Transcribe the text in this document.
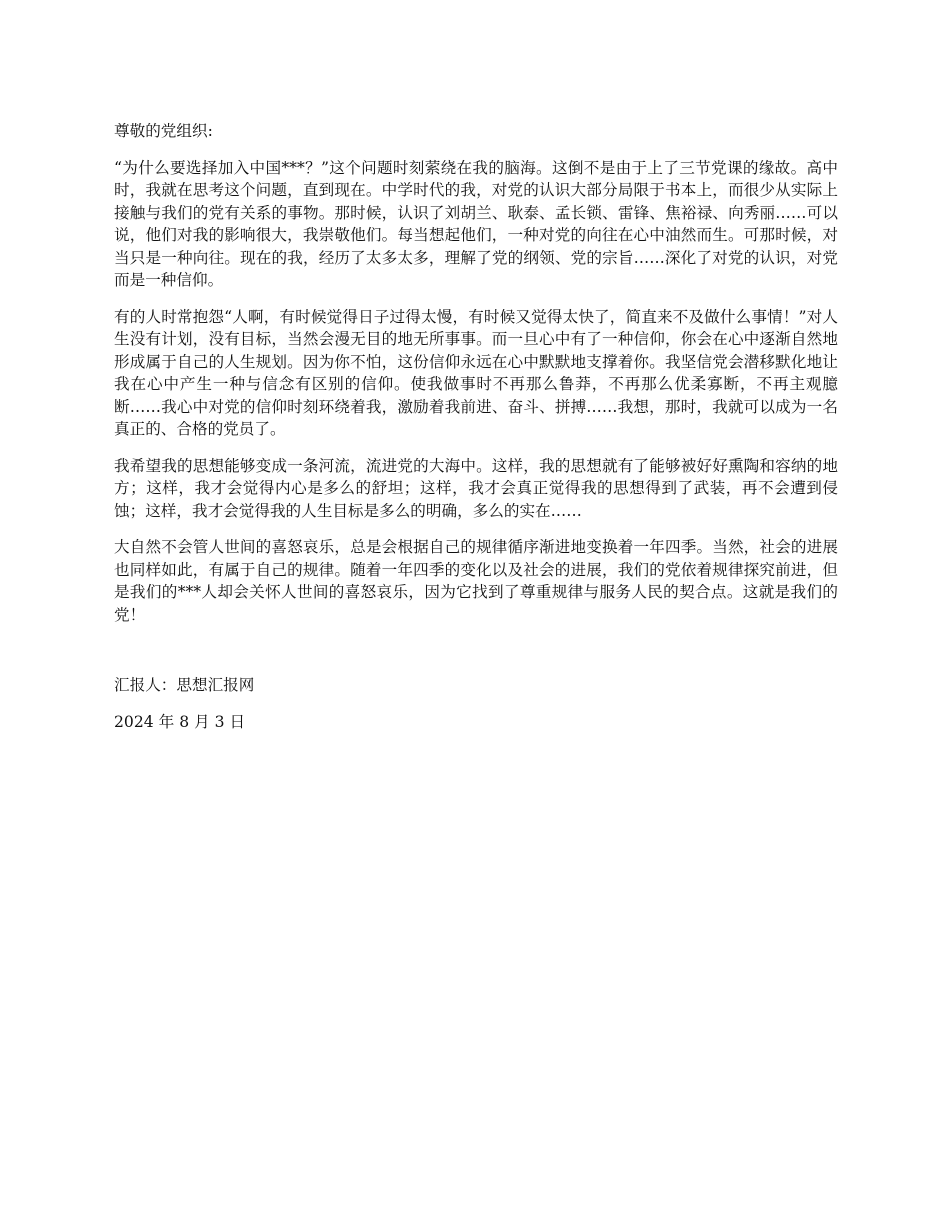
尊敬的党组织:

“为什么要选择加入中国***？”这个问题时刻萦绕在我的脑海。这倒不是由于上了三节党课的缘故。高中时，我就在思考这个问题，直到现在。中学时代的我，对党的认识大部分局限于书本上，而很少从实际上接触与我们的党有关系的事物。那时候，认识了刘胡兰、耿泰、孟长锁、雷锋、焦裕禄、向秀丽……可以说，他们对我的影响很大，我崇敬他们。每当想起他们，一种对党的向往在心中油然而生。可那时候，对当只是一种向往。现在的我，经历了太多太多，理解了党的纲领、党的宗旨……深化了对党的认识，对党而是一种信仰。

有的人时常抱怨“人啊，有时候觉得日子过得太慢，有时候又觉得太快了，简直来不及做什么事情！”对人生没有计划，没有目标，当然会漫无目的地无所事事。而一旦心中有了一种信仰，你会在心中逐渐自然地形成属于自己的人生规划。因为你不怕，这份信仰永远在心中默默地支撑着你。我坚信党会潜移默化地让我在心中产生一种与信念有区别的信仰。使我做事时不再那么鲁莽，不再那么优柔寡断，不再主观臆断……我心中对党的信仰时刻环绕着我，激励着我前进、奋斗、拼搏……我想，那时，我就可以成为一名真正的、合格的党员了。

我希望我的思想能够变成一条河流，流进党的大海中。这样，我的思想就有了能够被好好熏陶和容纳的地方；这样，我才会觉得内心是多么的舒坦；这样，我才会真正觉得我的思想得到了武装，再不会遭到侵蚀；这样，我才会觉得我的人生目标是多么的明确，多么的实在……

大自然不会管人世间的喜怒哀乐，总是会根据自己的规律循序渐进地变换着一年四季。当然，社会的进展也同样如此，有属于自己的规律。随着一年四季的变化以及社会的进展，我们的党依着规律探究前进，但是我们的***人却会关怀人世间的喜怒哀乐，因为它找到了尊重规律与服务人民的契合点。这就是我们的党！

汇报人：思想汇报网

2024 年 8 月 3 日
